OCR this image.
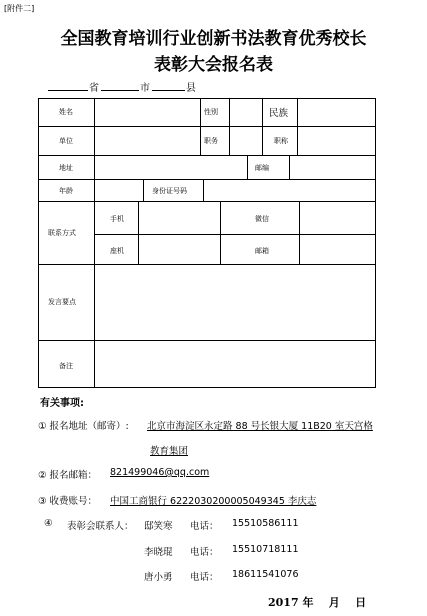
[附件二]
全国教育培训行业创新书法教育优秀校长
表彰大会报名表
省	市	县
姓名	性别	民族
单位	职务	职称
地址	邮编
年龄	身份证号码
联系方式
手机	微信
座机	邮箱
发言要点
备注
有关事项:
① 报名地址（邮寄）: 北京市海淀区永定路 88 号长银大厦 11B20 室天宫格
教育集团
② 报名邮箱： 821499046@qq.com
③ 收费账号： 中国工商银行 6222030200005049345 李庆志
④ 表彰会联系人： 邸笑寒 电话： 15510586111
李晓琨 电话： 15510718111
唐小勇 电话： 18611541076
2017 年    月    日
